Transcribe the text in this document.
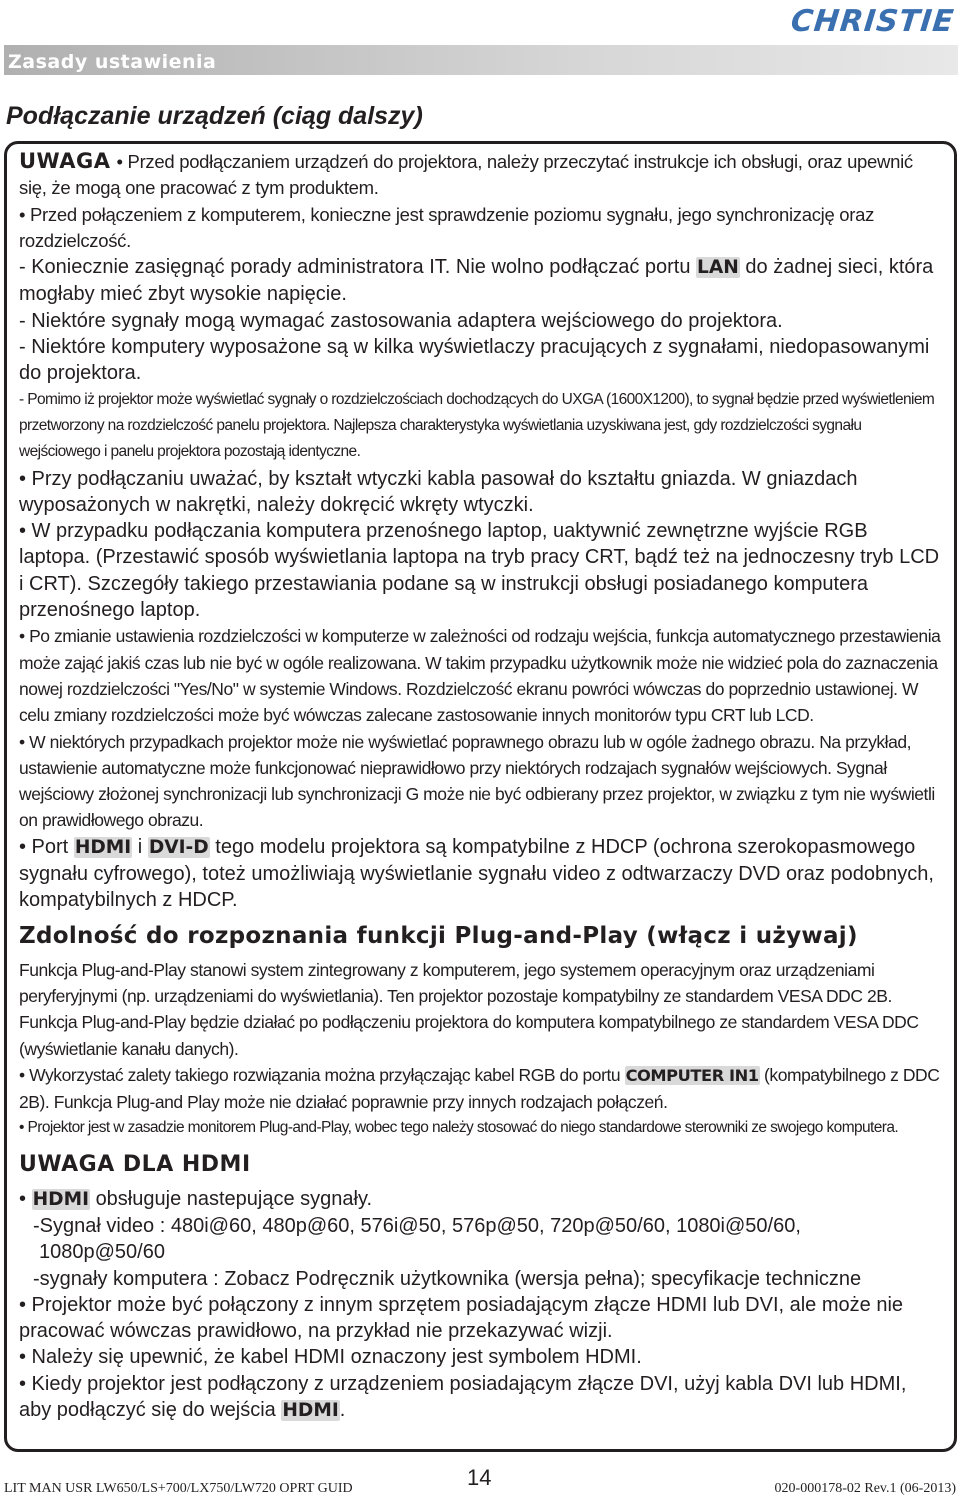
CHRISTIE
Zasady ustawienia
Podłączanie urządzeń (ciąg dalszy)

UWAGA • Przed podłączaniem urządzeń do projektora, należy przeczytać instrukcje ich obsługi, oraz upewnić się, że mogą one pracować z tym produktem.

• Przed połączeniem z komputerem, konieczne jest sprawdzenie poziomu sygnału, jego synchronizację oraz rozdzielczość.

- Koniecznie zasięgnąć porady administratora IT. Nie wolno podłączać portu LAN do żadnej sieci, która mogłaby mieć zbyt wysokie napięcie.

- Niektóre sygnały mogą wymagać zastosowania adaptera wejściowego do projektora.

- Niektóre komputery wyposażone są w kilka wyświetlaczy pracujących z sygnałami, niedopasowanymi do projektora.

- Pomimo iż projektor może wyświetlać sygnały o rozdzielczościach dochodzących do UXGA (1600X1200), to sygnał będzie przed wyświetleniem przetworzony na rozdzielczość panelu projektora. Najlepsza charakterystyka wyświetlania uzyskiwana jest, gdy rozdzielczości sygnału wejściowego i panelu projektora pozostają identyczne.

• Przy podłączaniu uważać, by kształt wtyczki kabla pasował do kształtu gniazda. W gniazdach wyposażonych w nakrętki, należy dokręcić wkręty wtyczki.

• W przypadku podłączania komputera przenośnego laptop, uaktywnić zewnętrzne wyjście RGB laptopa. (Przestawić sposób wyświetlania laptopa na tryb pracy CRT, bądź też na jednoczesny tryb LCD i CRT). Szczegóły takiego przestawiania podane są w instrukcji obsługi posiadanego komputera przenośnego laptop.

• Po zmianie ustawienia rozdzielczości w komputerze w zależności od rodzaju wejścia, funkcja automatycznego przestawienia może zająć jakiś czas lub nie być w ogóle realizowana. W takim przypadku użytkownik może nie widzieć pola do zaznaczenia nowej rozdzielczości "Yes/No" w systemie Windows. Rozdzielczość ekranu powróci wówczas do poprzednio ustawionej. W celu zmiany rozdzielczości może być wówczas zalecane zastosowanie innych monitorów typu CRT lub LCD.

• W niektórych przypadkach projektor może nie wyświetlać poprawnego obrazu lub w ogóle żadnego obrazu. Na przykład, ustawienie automatyczne może funkcjonować nieprawidłowo przy niektórych rodzajach sygnałów wejściowych. Sygnał wejściowy złożonej synchronizacji lub synchronizacji G może nie być odbierany przez projektor, w związku z tym nie wyświetli on prawidłowego obrazu.

• Port HDMI i DVI-D tego modelu projektora są kompatybilne z HDCP (ochrona szerokopasmowego sygnału cyfrowego), toteż umożliwiają wyświetlanie sygnału video z odtwarzaczy DVD oraz podobnych, kompatybilnych z HDCP.

Zdolność do rozpoznania funkcji Plug-and-Play (włącz i używaj)

Funkcja Plug-and-Play stanowi system zintegrowany z komputerem, jego systemem operacyjnym oraz urządzeniami peryferyjnymi (np. urządzeniami do wyświetlania). Ten projektor pozostaje kompatybilny ze standardem VESA DDC 2B. Funkcja Plug-and-Play będzie działać po podłączeniu projektora do komputera kompatybilnego ze standardem VESA DDC (wyświetlanie kanału danych).

• Wykorzystać zalety takiego rozwiązania można przyłączając kabel RGB do portu COMPUTER IN1 (kompatybilnego z DDC 2B). Funkcja Plug-and Play może nie działać poprawnie przy innych rodzajach połączeń.

• Projektor jest w zasadzie monitorem Plug-and-Play, wobec tego należy stosować do niego standardowe sterowniki ze swojego komputera.

UWAGA DLA HDMI

• HDMI obsługuje nastepujące sygnały.

-Sygnał video : 480i@60, 480p@60, 576i@50, 576p@50, 720p@50/60, 1080i@50/60,

1080p@50/60

-sygnały komputera : Zobacz Podręcznik użytkownika (wersja pełna); specyfikacje techniczne

• Projektor może być połączony z innym sprzętem posiadającym złącze HDMI lub DVI, ale może nie pracować wówczas prawidłowo, na przykład nie przekazywać wizji.

• Należy się upewnić, że kabel HDMI oznaczony jest symbolem HDMI.

• Kiedy projektor jest podłączony z urządzeniem posiadającym złącze DVI, użyj kabla DVI lub HDMI, aby podłączyć się do wejścia HDMI.

LIT MAN USR LW650/LS+700/LX750/LW720 OPRT GUID	14	020-000178-02 Rev.1 (06-2013)
